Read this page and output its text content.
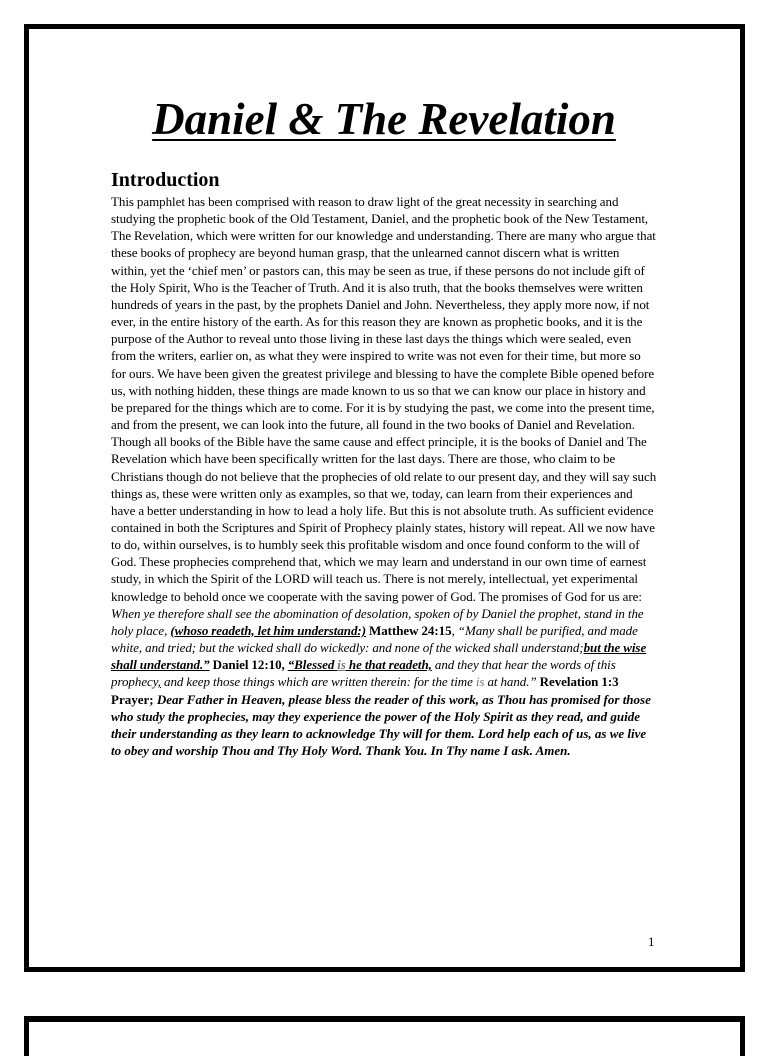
Daniel & The Revelation
Introduction

This pamphlet has been comprised with reason to draw light of the great necessity in searching and studying the prophetic book of the Old Testament, Daniel, and the prophetic book of the New Testament, The Revelation, which were written for our knowledge and understanding. There are many who argue that these books of prophecy are beyond human grasp, that the unlearned cannot discern what is written within, yet the ‘chief men’ or pastors can, this may be seen as true, if these persons do not include gift of the Holy Spirit, Who is the Teacher of Truth. And it is also truth, that the books themselves were written hundreds of years in the past, by the prophets Daniel and John. Nevertheless, they apply more now, if not ever, in the entire history of the earth. As for this reason they are known as prophetic books, and it is the purpose of the Author to reveal unto those living in these last days the things which were sealed, even from the writers, earlier on, as what they were inspired to write was not even for their time, but more so for ours. We have been given the greatest privilege and blessing to have the complete Bible opened before us, with nothing hidden, these things are made known to us so that we can know our place in history and be prepared for the things which are to come. For it is by studying the past, we come into the present time, and from the present, we can look into the future, all found in the two books of Daniel and Revelation. Though all books of the Bible have the same cause and effect principle, it is the books of Daniel and The Revelation which have been specifically written for the last days. There are those, who claim to be Christians though do not believe that the prophecies of old relate to our present day, and they will say such things as, these were written only as examples, so that we, today, can learn from their experiences and have a better understanding in how to lead a holy life. But this is not absolute truth. As sufficient evidence contained in both the Scriptures and Spirit of Prophecy plainly states, history will repeat. All we now have to do, within ourselves, is to humbly seek this profitable wisdom and once found conform to the will of God. These prophecies comprehend that, which we may learn and understand in our own time of earnest study, in which the Spirit of the LORD will teach us. There is not merely, intellectual, yet experimental knowledge to behold once we cooperate with the saving power of God. The promises of God for us are: When ye therefore shall see the abomination of desolation, spoken of by Daniel the prophet, stand in the holy place, (whoso readeth, let him understand:) Matthew 24:15, “Many shall be purified, and made white, and tried; but the wicked shall do wickedly: and none of the wicked shall understand;but the wise shall understand.” Daniel 12:10, “Blessed is he that readeth, and they that hear the words of this prophecy, and keep those things which are written therein: for the time is at hand.” Revelation 1:3

Prayer; Dear Father in Heaven, please bless the reader of this work, as Thou has promised for those who study the prophecies, may they experience the power of the Holy Spirit as they read, and guide their understanding as they learn to acknowledge Thy will for them. Lord help each of us, as we live to obey and worship Thou and Thy Holy Word. Thank You. In Thy name I ask. Amen.

1
